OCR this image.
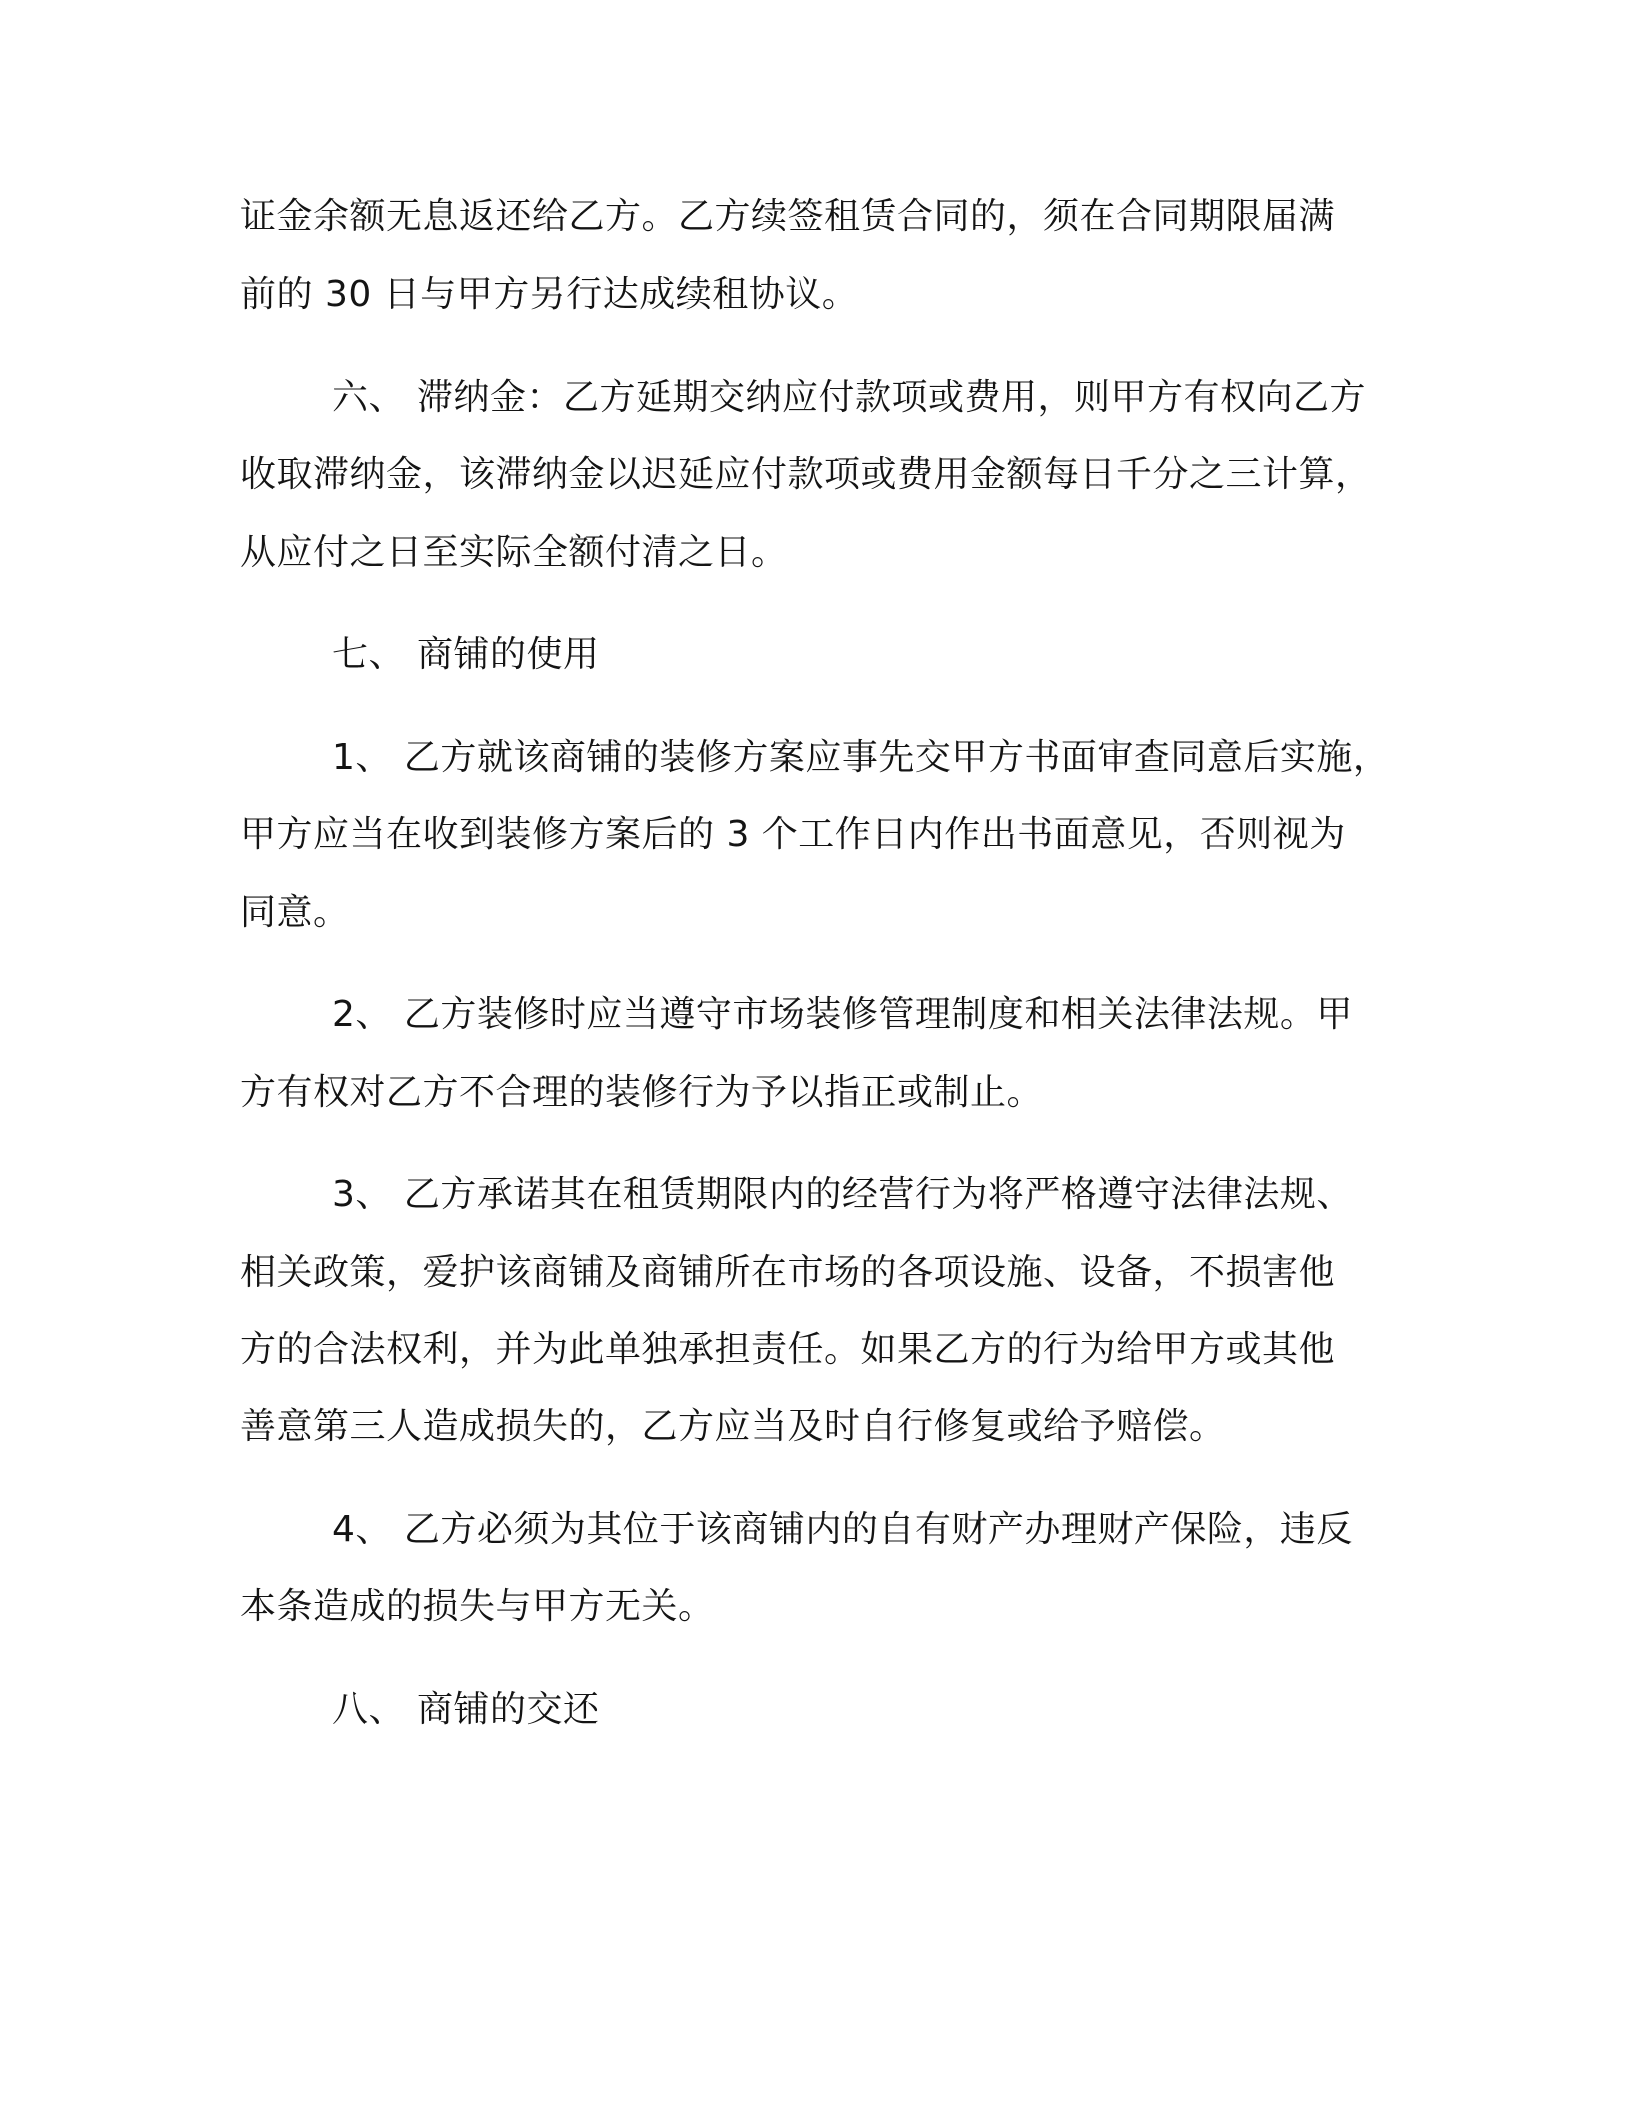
证金余额无息返还给乙方。乙方续签租赁合同的，须在合同期限届满
前的 30 日与甲方另行达成续租协议。
六、 滞纳金：乙方延期交纳应付款项或费用，则甲方有权向乙方
收取滞纳金，该滞纳金以迟延应付款项或费用金额每日千分之三计算，
从应付之日至实际全额付清之日。
七、 商铺的使用
1、 乙方就该商铺的装修方案应事先交甲方书面审查同意后实施，
甲方应当在收到装修方案后的 3 个工作日内作出书面意见，否则视为
同意。
2、 乙方装修时应当遵守市场装修管理制度和相关法律法规。甲
方有权对乙方不合理的装修行为予以指正或制止。
3、 乙方承诺其在租赁期限内的经营行为将严格遵守法律法规、
相关政策，爱护该商铺及商铺所在市场的各项设施、设备，不损害他
方的合法权利，并为此单独承担责任。如果乙方的行为给甲方或其他
善意第三人造成损失的，乙方应当及时自行修复或给予赔偿。
4、 乙方必须为其位于该商铺内的自有财产办理财产保险，违反
本条造成的损失与甲方无关。
八、 商铺的交还
